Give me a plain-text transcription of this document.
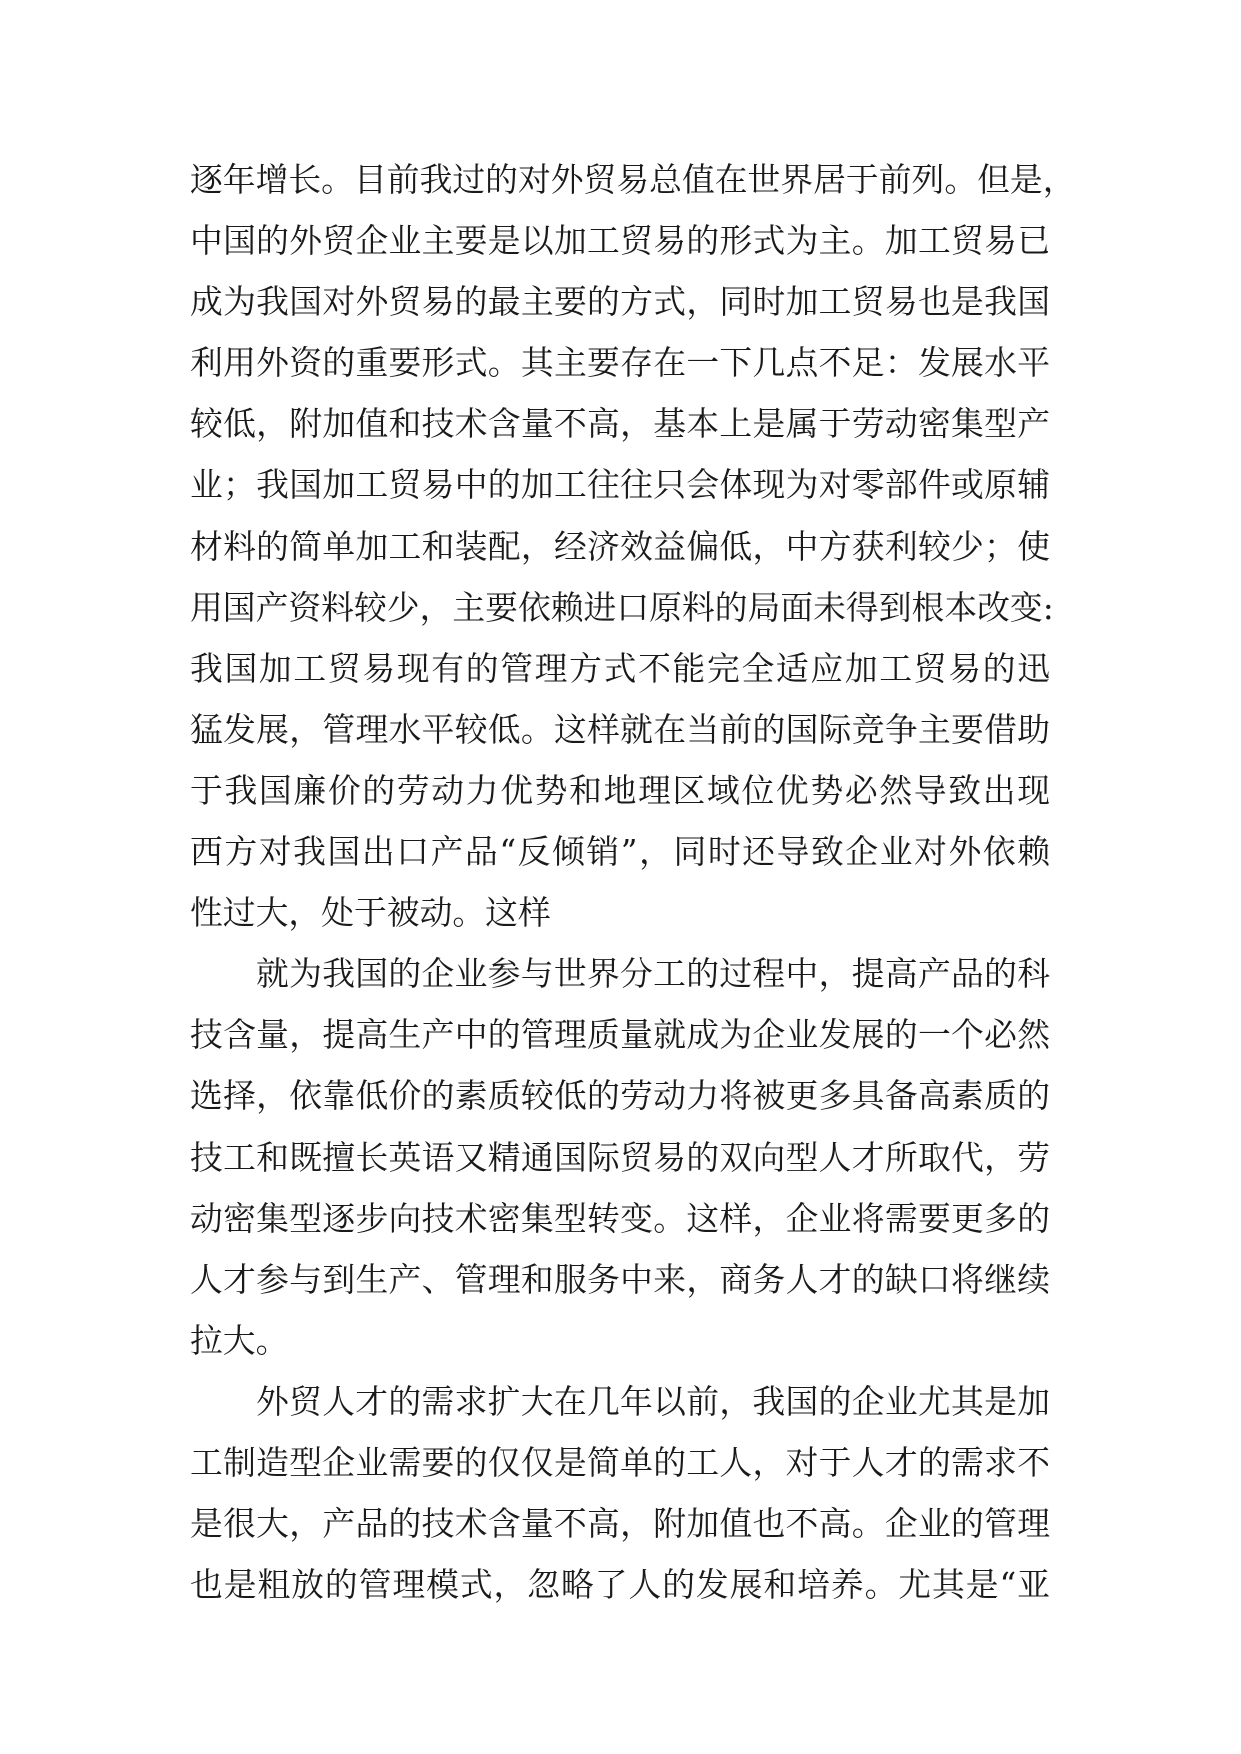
逐年增长。目前我过的对外贸易总值在世界居于前列。但是，
中国的外贸企业主要是以加工贸易的形式为主。加工贸易已
成为我国对外贸易的最主要的方式，同时加工贸易也是我国
利用外资的重要形式。其主要存在一下几点不足：发展水平
较低，附加值和技术含量不高，基本上是属于劳动密集型产
业；我国加工贸易中的加工往往只会体现为对零部件或原辅
材料的简单加工和装配，经济效益偏低，中方获利较少；使
用国产资料较少，主要依赖进口原料的局面未得到根本改变:
我国加工贸易现有的管理方式不能完全适应加工贸易的迅
猛发展，管理水平较低。这样就在当前的国际竞争主要借助
于我国廉价的劳动力优势和地理区域位优势必然导致出现
西方对我国出口产品“反倾销”，同时还导致企业对外依赖
性过大，处于被动。这样
就为我国的企业参与世界分工的过程中，提高产品的科
技含量，提高生产中的管理质量就成为企业发展的一个必然
选择，依靠低价的素质较低的劳动力将被更多具备高素质的
技工和既擅长英语又精通国际贸易的双向型人才所取代，劳
动密集型逐步向技术密集型转变。这样，企业将需要更多的
人才参与到生产、管理和服务中来，商务人才的缺口将继续
拉大。
外贸人才的需求扩大在几年以前，我国的企业尤其是加
工制造型企业需要的仅仅是简单的工人，对于人才的需求不
是很大，产品的技术含量不高，附加值也不高。企业的管理
也是粗放的管理模式，忽略了人的发展和培养。尤其是“亚
